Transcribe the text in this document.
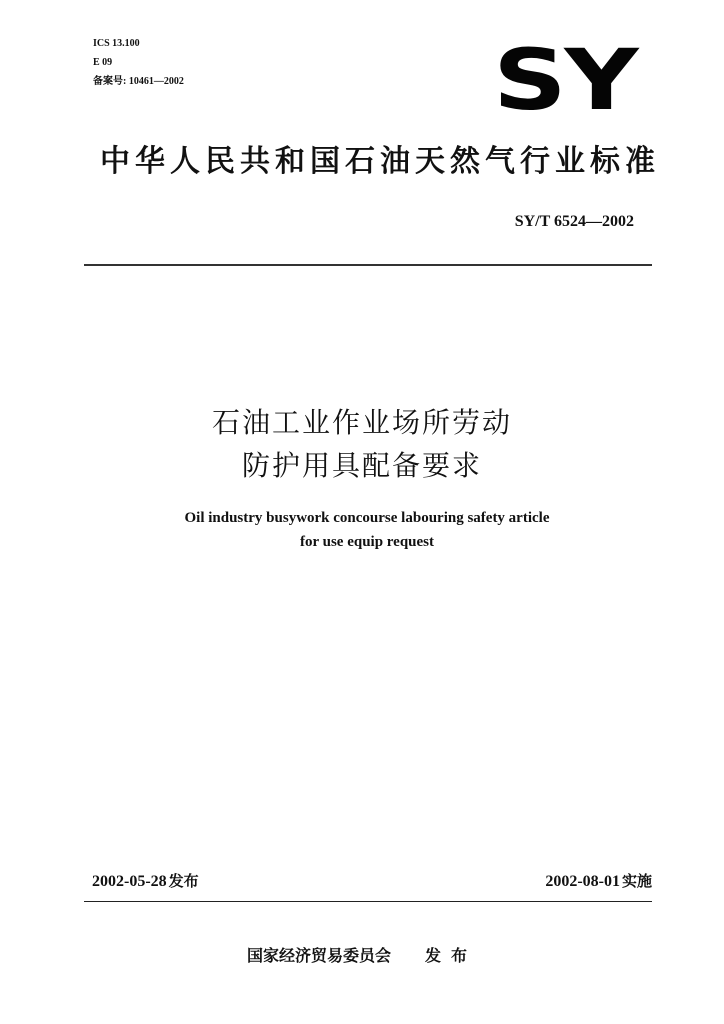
ICS 13.100
E 09
备案号: 10461—2002	SY
中华人民共和国石油天然气行业标准
SY/T 6524—2002
石油工业作业场所劳动
防护用具配备要求
Oil industry busywork concourse labouring safety article
for use equip request
2002-05-28 发布	2002-08-01 实施
国家经济贸易委员会 发布
